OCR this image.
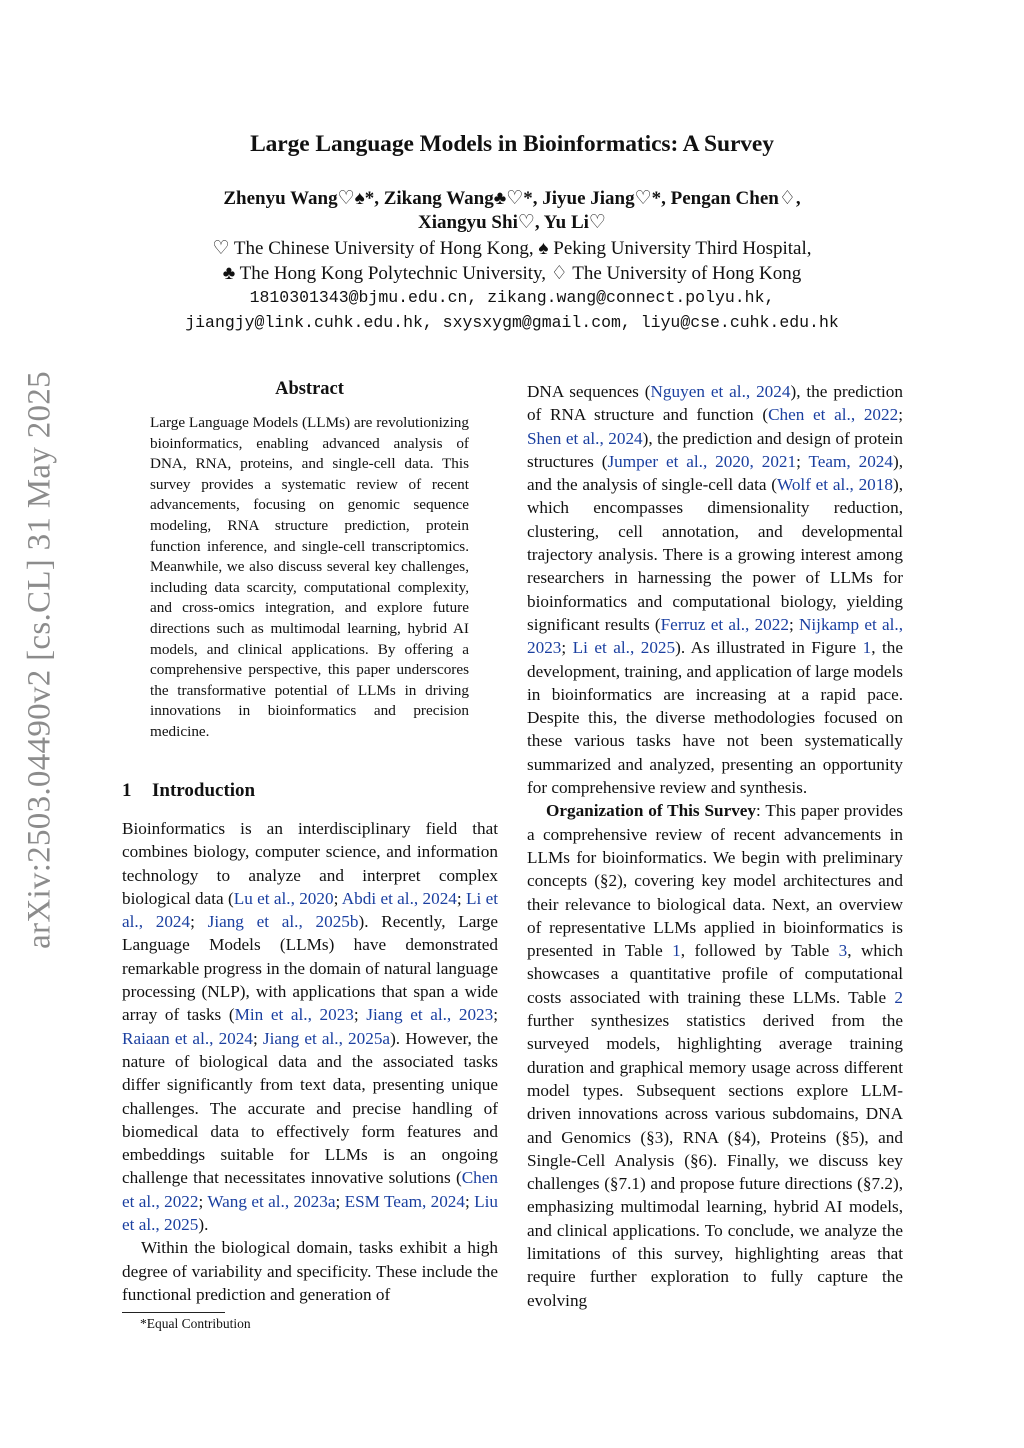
arXiv:2503.04490v2 [cs.CL] 31 May 2025
Large Language Models in Bioinformatics: A Survey
Zhenyu Wang♡♠*, Zikang Wang♣♡*, Jiyue Jiang♡*, Pengan Chen♢,
Xiangyu Shi♡, Yu Li♡
♡ The Chinese University of Hong Kong, ♠ Peking University Third Hospital,
♣ The Hong Kong Polytechnic University, ♢ The University of Hong Kong
1810301343@bjmu.edu.cn, zikang.wang@connect.polyu.hk,
jiangjy@link.cuhk.edu.hk, sxysxygm@gmail.com, liyu@cse.cuhk.edu.hk
Abstract
Large Language Models (LLMs) are revolutionizing bioinformatics, enabling advanced analysis of DNA, RNA, proteins, and single-cell data. This survey provides a systematic review of recent advancements, focusing on genomic sequence modeling, RNA structure prediction, protein function inference, and single-cell transcriptomics. Meanwhile, we also discuss several key challenges, including data scarcity, computational complexity, and cross-omics integration, and explore future directions such as multimodal learning, hybrid AI models, and clinical applications. By offering a comprehensive perspective, this paper underscores the transformative potential of LLMs in driving innovations in bioinformatics and precision medicine.
1 Introduction

Bioinformatics is an interdisciplinary field that combines biology, computer science, and information technology to analyze and interpret complex biological data (Lu et al., 2020; Abdi et al., 2024; Li et al., 2024; Jiang et al., 2025b). Recently, Large Language Models (LLMs) have demonstrated remarkable progress in the domain of natural language processing (NLP), with applications that span a wide array of tasks (Min et al., 2023; Jiang et al., 2023; Raiaan et al., 2024; Jiang et al., 2025a). However, the nature of biological data and the associated tasks differ significantly from text data, presenting unique challenges. The accurate and precise handling of biomedical data to effectively form features and embeddings suitable for LLMs is an ongoing challenge that necessitates innovative solutions (Chen et al., 2022; Wang et al., 2023a; ESM Team, 2024; Liu et al., 2025).

Within the biological domain, tasks exhibit a high degree of variability and specificity. These include the functional prediction and generation of

DNA sequences (Nguyen et al., 2024), the prediction of RNA structure and function (Chen et al., 2022; Shen et al., 2024), the prediction and design of protein structures (Jumper et al., 2020, 2021; Team, 2024), and the analysis of single-cell data (Wolf et al., 2018), which encompasses dimensionality reduction, clustering, cell annotation, and developmental trajectory analysis. There is a growing interest among researchers in harnessing the power of LLMs for bioinformatics and computational biology, yielding significant results (Ferruz et al., 2022; Nijkamp et al., 2023; Li et al., 2025). As illustrated in Figure 1, the development, training, and application of large models in bioinformatics are increasing at a rapid pace. Despite this, the diverse methodologies focused on these various tasks have not been systematically summarized and analyzed, presenting an opportunity for comprehensive review and synthesis.

Organization of This Survey: This paper provides a comprehensive review of recent advancements in LLMs for bioinformatics. We begin with preliminary concepts (§2), covering key model architectures and their relevance to biological data. Next, an overview of representative LLMs applied in bioinformatics is presented in Table 1, followed by Table 3, which showcases a quantitative profile of computational costs associated with training these LLMs. Table 2 further synthesizes statistics derived from the surveyed models, highlighting average training duration and graphical memory usage across different model types. Subsequent sections explore LLM-driven innovations across various subdomains, DNA and Genomics (§3), RNA (§4), Proteins (§5), and Single-Cell Analysis (§6). Finally, we discuss key challenges (§7.1) and propose future directions (§7.2), emphasizing multimodal learning, hybrid AI models, and clinical applications. To conclude, we analyze the limitations of this survey, highlighting areas that require further exploration to fully capture the evolving

*Equal Contribution
